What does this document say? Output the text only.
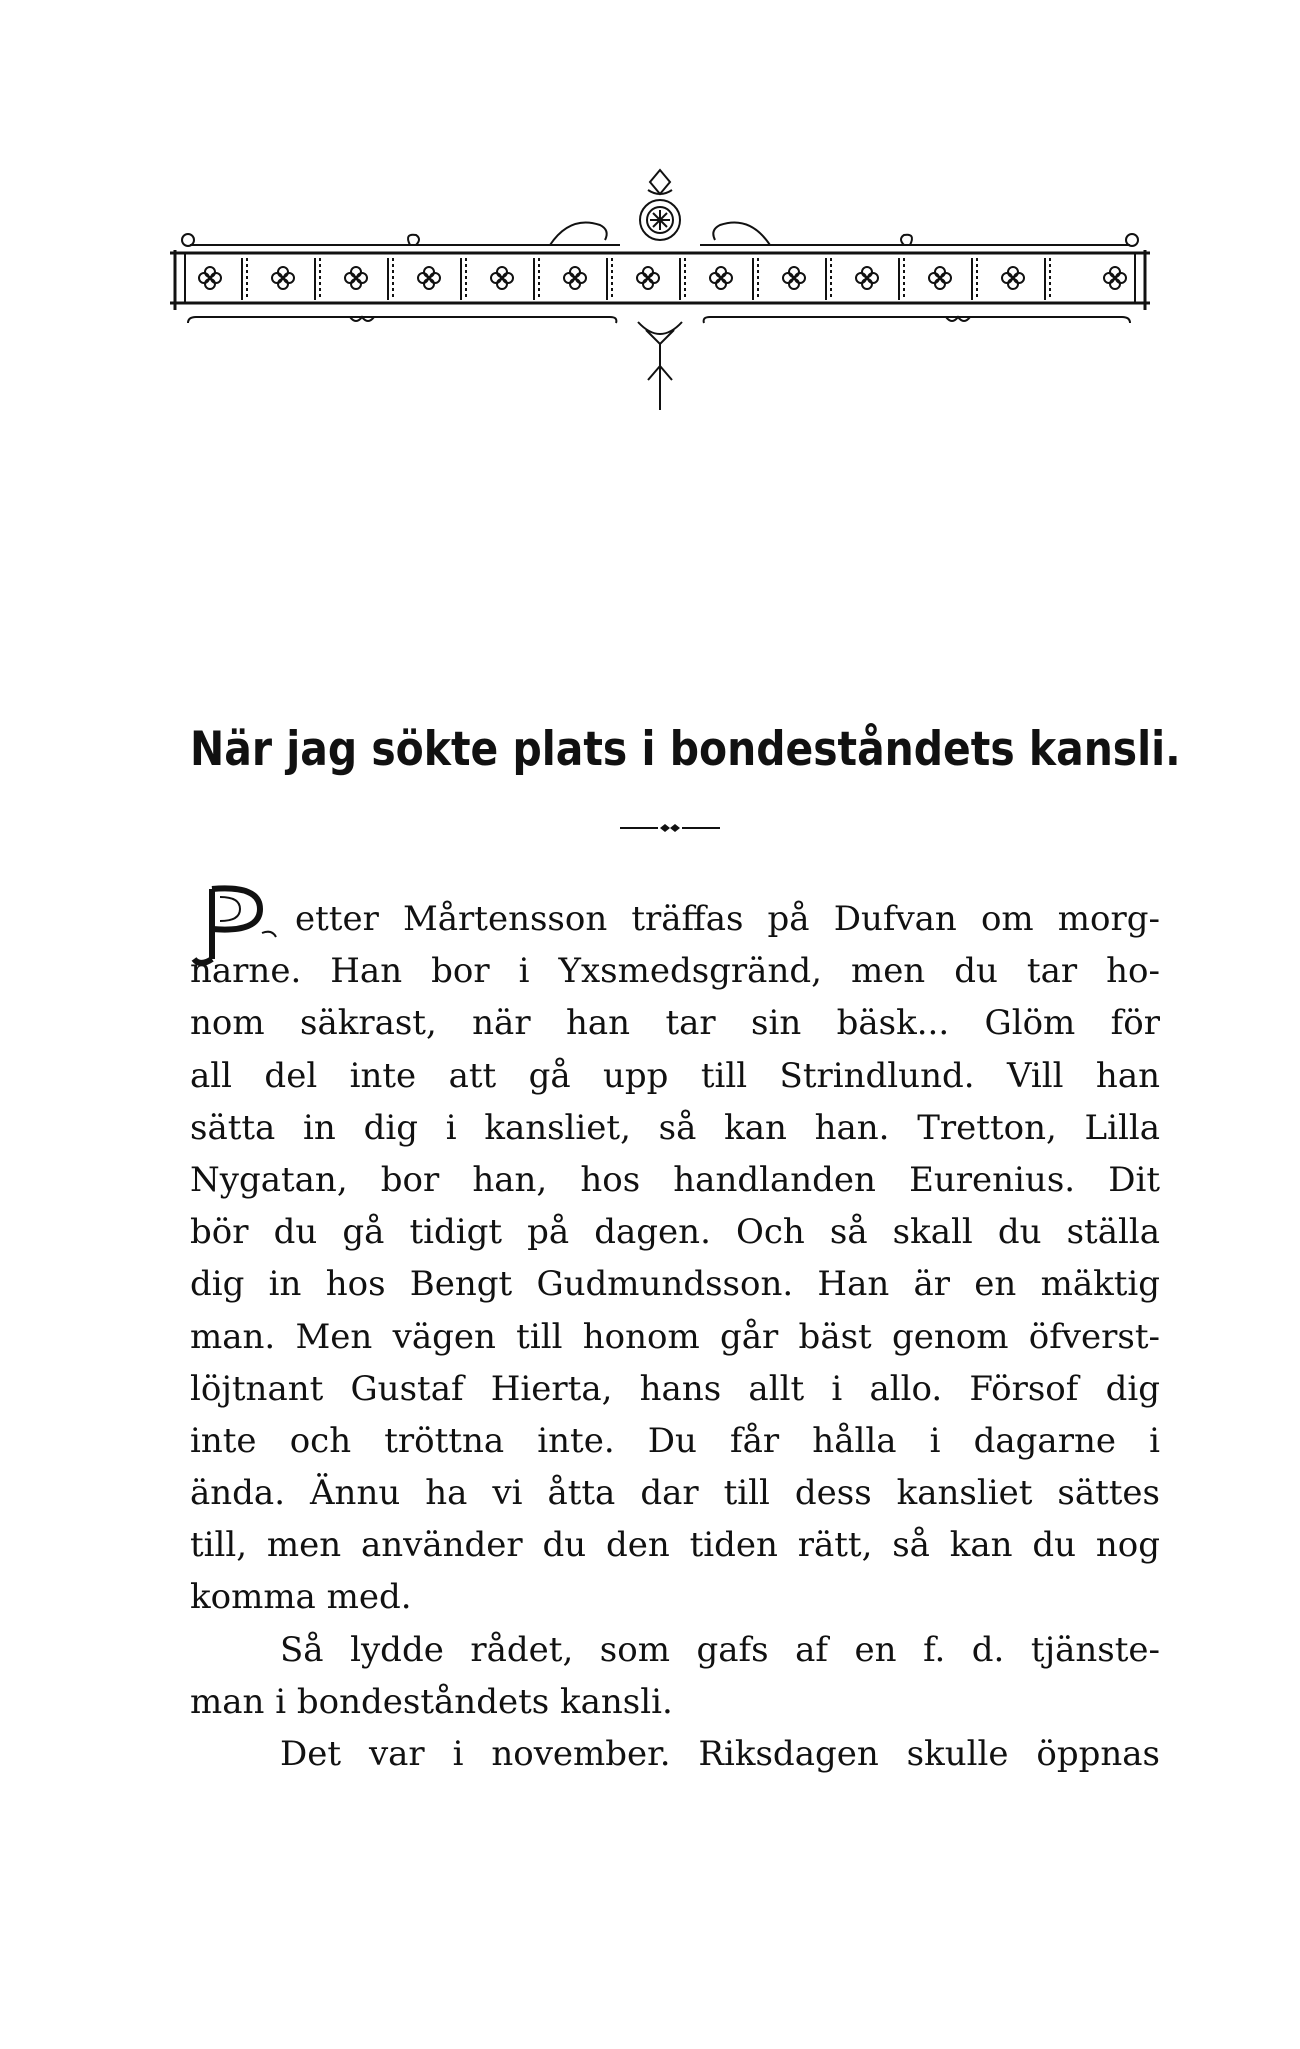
När jag sökte plats i bondeståndets kansli.
etter Mårtensson träffas på Dufvan om morg-
narne. Han bor i Yxsmedsgränd, men du tar ho-
nom säkrast, när han tar sin bäsk... Glöm för
all del inte att gå upp till Strindlund. Vill han
sätta in dig i kansliet, så kan han. Tretton, Lilla
Nygatan, bor han, hos handlanden Eurenius. Dit
bör du gå tidigt på dagen. Och så skall du ställa
dig in hos Bengt Gudmundsson. Han är en mäktig
man. Men vägen till honom går bäst genom öfverst-
löjtnant Gustaf Hierta, hans allt i allo. Försof dig
inte och tröttna inte. Du får hålla i dagarne i
ända. Ännu ha vi åtta dar till dess kansliet sättes
till, men använder du den tiden rätt, så kan du nog
komma med.
Så lydde rådet, som gafs af en f. d. tjänste-
man i bondeståndets kansli.
Det var i november. Riksdagen skulle öppnas
